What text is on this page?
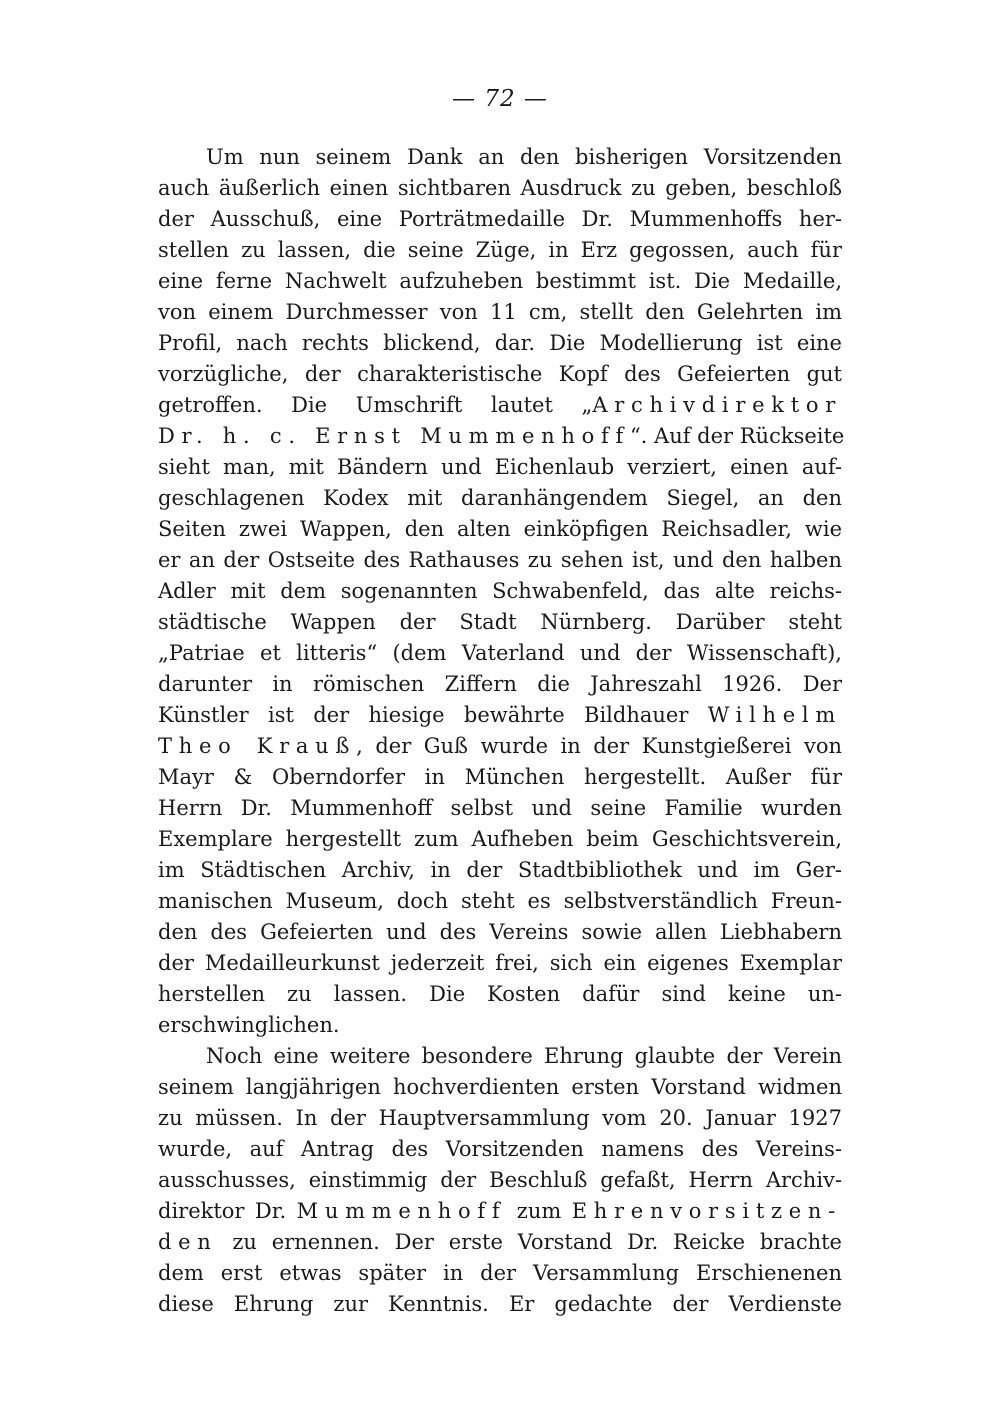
— 72 —
Um nun seinem Dank an den bisherigen Vorsitzenden
auch äußerlich einen sichtbaren Ausdruck zu geben, beschloß
der Ausschuß, eine Porträtmedaille Dr. Mummenhoffs her-
stellen zu lassen, die seine Züge, in Erz gegossen, auch für
eine ferne Nachwelt aufzuheben bestimmt ist. Die Medaille,
von einem Durchmesser von 11 cm, stellt den Gelehrten im
Profil, nach rechts blickend, dar. Die Modellierung ist eine
vorzügliche, der charakteristische Kopf des Gefeierten gut
getroffen. Die Umschrift lautet „Archivdirektor
Dr. h. c. Ernst Mummenhoff“. Auf der Rückseite
sieht man, mit Bändern und Eichenlaub verziert, einen auf-
geschlagenen Kodex mit daranhängendem Siegel, an den
Seiten zwei Wappen, den alten einköpfigen Reichsadler, wie
er an der Ostseite des Rathauses zu sehen ist, und den halben
Adler mit dem sogenannten Schwabenfeld, das alte reichs-
städtische Wappen der Stadt Nürnberg. Darüber steht
„Patriae et litteris“ (dem Vaterland und der Wissenschaft),
darunter in römischen Ziffern die Jahreszahl 1926. Der
Künstler ist der hiesige bewährte Bildhauer Wilhelm
Theo Krauß, der Guß wurde in der Kunstgießerei von
Mayr & Oberndorfer in München hergestellt. Außer für
Herrn Dr. Mummenhoff selbst und seine Familie wurden
Exemplare hergestellt zum Aufheben beim Geschichtsverein,
im Städtischen Archiv, in der Stadtbibliothek und im Ger-
manischen Museum, doch steht es selbstverständlich Freun-
den des Gefeierten und des Vereins sowie allen Liebhabern
der Medailleurkunst jederzeit frei, sich ein eigenes Exemplar
herstellen zu lassen. Die Kosten dafür sind keine un-
erschwinglichen.
Noch eine weitere besondere Ehrung glaubte der Verein
seinem langjährigen hochverdienten ersten Vorstand widmen
zu müssen. In der Hauptversammlung vom 20. Januar 1927
wurde, auf Antrag des Vorsitzenden namens des Vereins-
ausschusses, einstimmig der Beschluß gefaßt, Herrn Archiv-
direktor Dr. Mummenhoff zum Ehrenvorsitzen-
den zu ernennen. Der erste Vorstand Dr. Reicke brachte
dem erst etwas später in der Versammlung Erschienenen
diese Ehrung zur Kenntnis. Er gedachte der Verdienste
